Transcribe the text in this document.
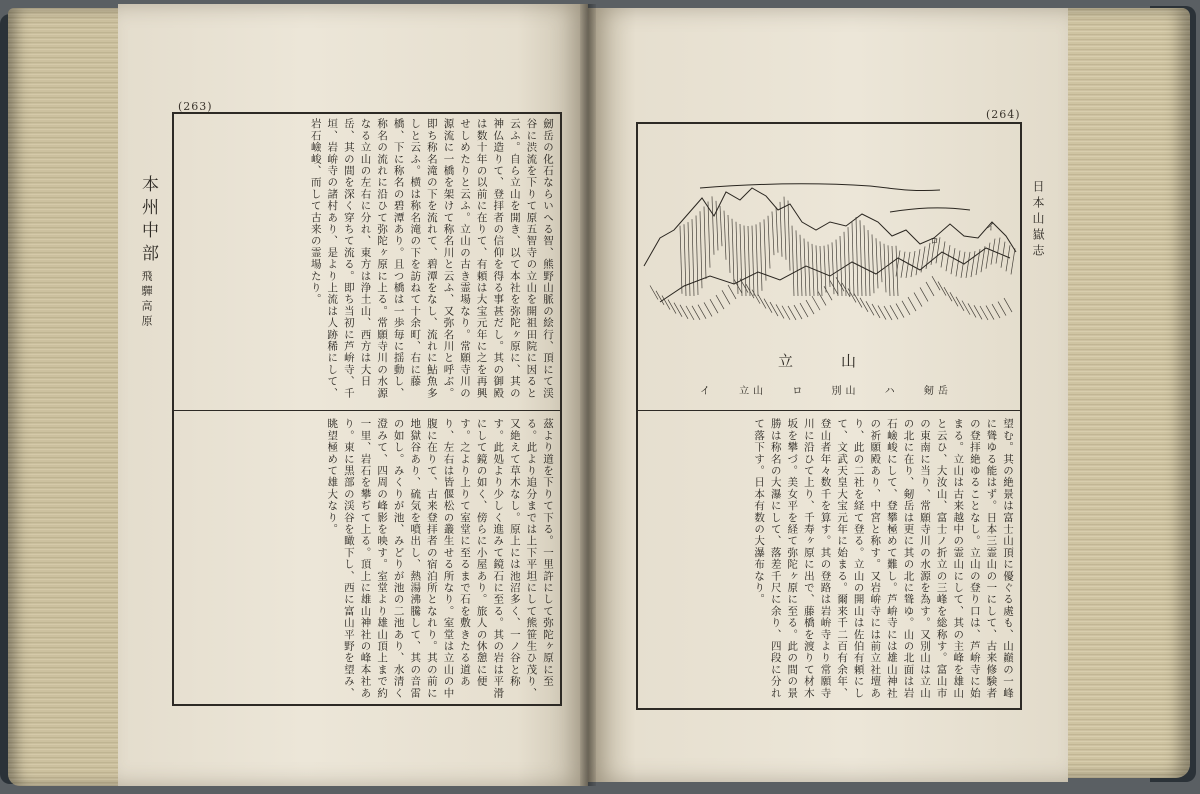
(263)
本州中部
飛驒高原	劒岳の化石ならいへる智、熊野山脈の絵行、頂にて渓谷に渋流を下りて原五智寺の立山を開祖田院に因ると云ふ。自ら立山を開き、以て本社を弥陀ヶ原に、其の神仏造りて、登拝者の信仰を得る事甚だし。其の御殿は数十年の以前に在りて、有頼は大宝元年に之を再興せしめたりと云ふ。立山の古き霊場なり。常願寺川の源流に一橋を架けて称名川と云ふ、又弥名川と呼ぶ。即ち称名滝の下を流れて、碧潭をなし、流れに鮎魚多しと云ふ。横は称名滝の下を訪ねて十余町、右に藤橋、下に称名の碧潭あり。且つ橋は一歩毎に揺動し、称名の流れに沿ひて弥陀ヶ原に上る。常願寺川の水源なる立山の左右に分れ、東方は浄土山、西方は大日岳、其の間を深く穿ちて流る。即ち当初に芦峅寺、千垣、岩峅寺の諸村あり、是より上流は人跡稀にして、岩石嶮峻、而して古来の霊場たり。
茲より道を下りて下る。一里許にして弥陀ヶ原に至る。此より追分までは上下平坦にして熊笹生ひ茂り、又絶えて草木なし。原上には池沼多く、一ノ谷と称す。此処より少しく進みて鏡石に至る。其の岩は平滑にして鏡の如く、傍らに小屋あり。旅人の休憩に便す。之より上りて室堂に至るまで石を敷きたる道あり、左右は皆偃松の叢生せる所なり。室堂は立山の中腹に在りて、古来登拝者の宿泊所となれり。其の前に地獄谷あり、硫気を噴出し、熱湯沸騰して、其の音雷の如し。みくりが池、みどりが池の二池あり、水清く澄みて、四周の峰影を映す。室堂より雄山頂上まで約一里、岩石を攀ぢて上る。頂上に雄山神社の峰本社あり。東に黒部の渓谷を瞰下し、西に富山平野を望み、眺望極めて雄大なり。
(264)
日本山嶽志
ロ
イ
立山
イ 立山 ロ 別山 ハ 剱岳
望む。其の絶景は富士山頂に優ぐる處も、山巓の一峰に聳ゆる能はず。日本三霊山の一にして、古来修験者の登拝絶ゆることなし。立山の登り口は、芦峅寺に始まる。立山は古来越中の霊山にして、其の主峰を雄山と云ひ、大汝山、富士ノ折立の三峰を総称す。富山市の東南に当り、常願寺川の水源を為す。又別山は立山の北に在り、剱岳は更に其の北に聳ゆ。山の北面は岩石嶮峻にして、登攀極めて難し。芦峅寺には雄山神社の祈願殿あり、中宮と称す。又岩峅寺には前立社壇あり、此の二社を経て登る。立山の開山は佐伯有頼にして、文武天皇大宝元年に始まる。爾来千二百有余年、登山者年々数千を算す。其の登路は岩峅寺より常願寺川に沿ひて上り、千寿ヶ原に出で、藤橋を渡りて材木坂を攀づ。美女平を経て弥陀ヶ原に至る。此の間の景勝は称名の大瀑にして、落差千尺に余り、四段に分れて落下す。日本有数の大瀑布なり。
